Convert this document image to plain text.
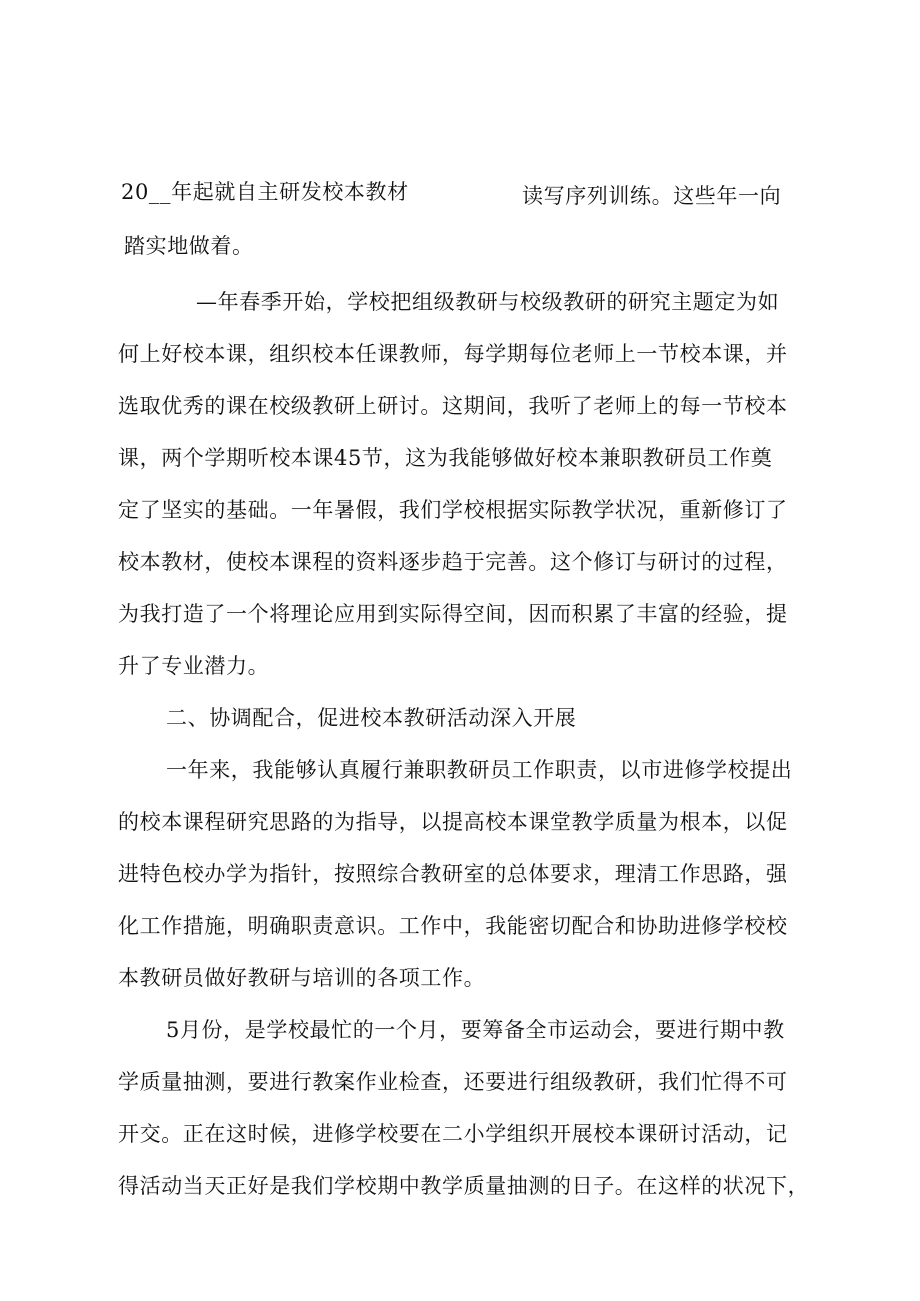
20__年起就自主研发校本教材	读写序列训练。这些年一向
踏实地做着。
—年春季开始，学校把组级教研与校级教研的研究主题定为如
何上好校本课，组织校本任课教师，每学期每位老师上一节校本课，并
选取优秀的课在校级教研上研讨。这期间，我听了老师上的每一节校本
课，两个学期听校本课45节，这为我能够做好校本兼职教研员工作奠
定了坚实的基础。一年暑假，我们学校根据实际教学状况，重新修订了
校本教材，使校本课程的资料逐步趋于完善。这个修订与研讨的过程，
为我打造了一个将理论应用到实际得空间，因而积累了丰富的经验，提
升了专业潜力。
二、协调配合，促进校本教研活动深入开展
一年来，我能够认真履行兼职教研员工作职责，以市进修学校提出
的校本课程研究思路的为指导，以提高校本课堂教学质量为根本，以促
进特色校办学为指针，按照综合教研室的总体要求，理清工作思路，强
化工作措施，明确职责意识。工作中，我能密切配合和协助进修学校校
本教研员做好教研与培训的各项工作。
5月份，是学校最忙的一个月，要筹备全市运动会，要进行期中教
学质量抽测，要进行教案作业检查，还要进行组级教研，我们忙得不可
开交。正在这时候，进修学校要在二小学组织开展校本课研讨活动，记
得活动当天正好是我们学校期中教学质量抽测的日子。在这样的状况下，
